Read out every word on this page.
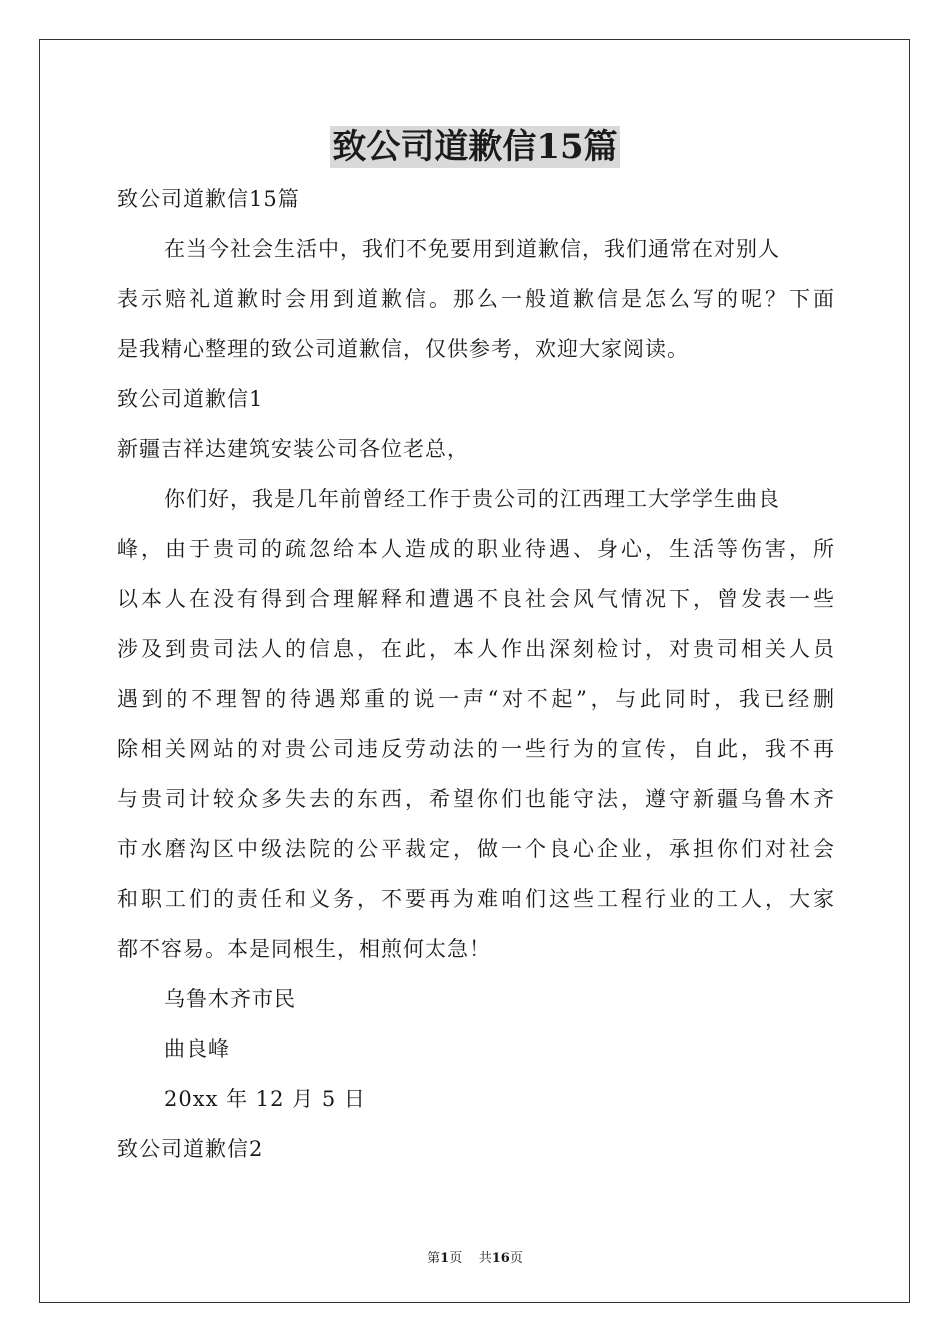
致公司道歉信15篇
致公司道歉信15篇
在当今社会生活中，我们不免要用到道歉信，我们通常在对别人
表示赔礼道歉时会用到道歉信。那么一般道歉信是怎么写的呢？下面
是我精心整理的致公司道歉信，仅供参考，欢迎大家阅读。
致公司道歉信1
新疆吉祥达建筑安装公司各位老总，
你们好，我是几年前曾经工作于贵公司的江西理工大学学生曲良
峰，由于贵司的疏忽给本人造成的职业待遇、身心，生活等伤害，所
以本人在没有得到合理解释和遭遇不良社会风气情况下，曾发表一些
涉及到贵司法人的信息，在此，本人作出深刻检讨，对贵司相关人员
遇到的不理智的待遇郑重的说一声“对不起”，与此同时，我已经删
除相关网站的对贵公司违反劳动法的一些行为的宣传，自此，我不再
与贵司计较众多失去的东西，希望你们也能守法，遵守新疆乌鲁木齐
市水磨沟区中级法院的公平裁定，做一个良心企业，承担你们对社会
和职工们的责任和义务，不要再为难咱们这些工程行业的工人，大家
都不容易。本是同根生，相煎何太急！
乌鲁木齐市民
曲良峰
20xx 年 12 月 5 日
致公司道歉信2
第1页 共16页
